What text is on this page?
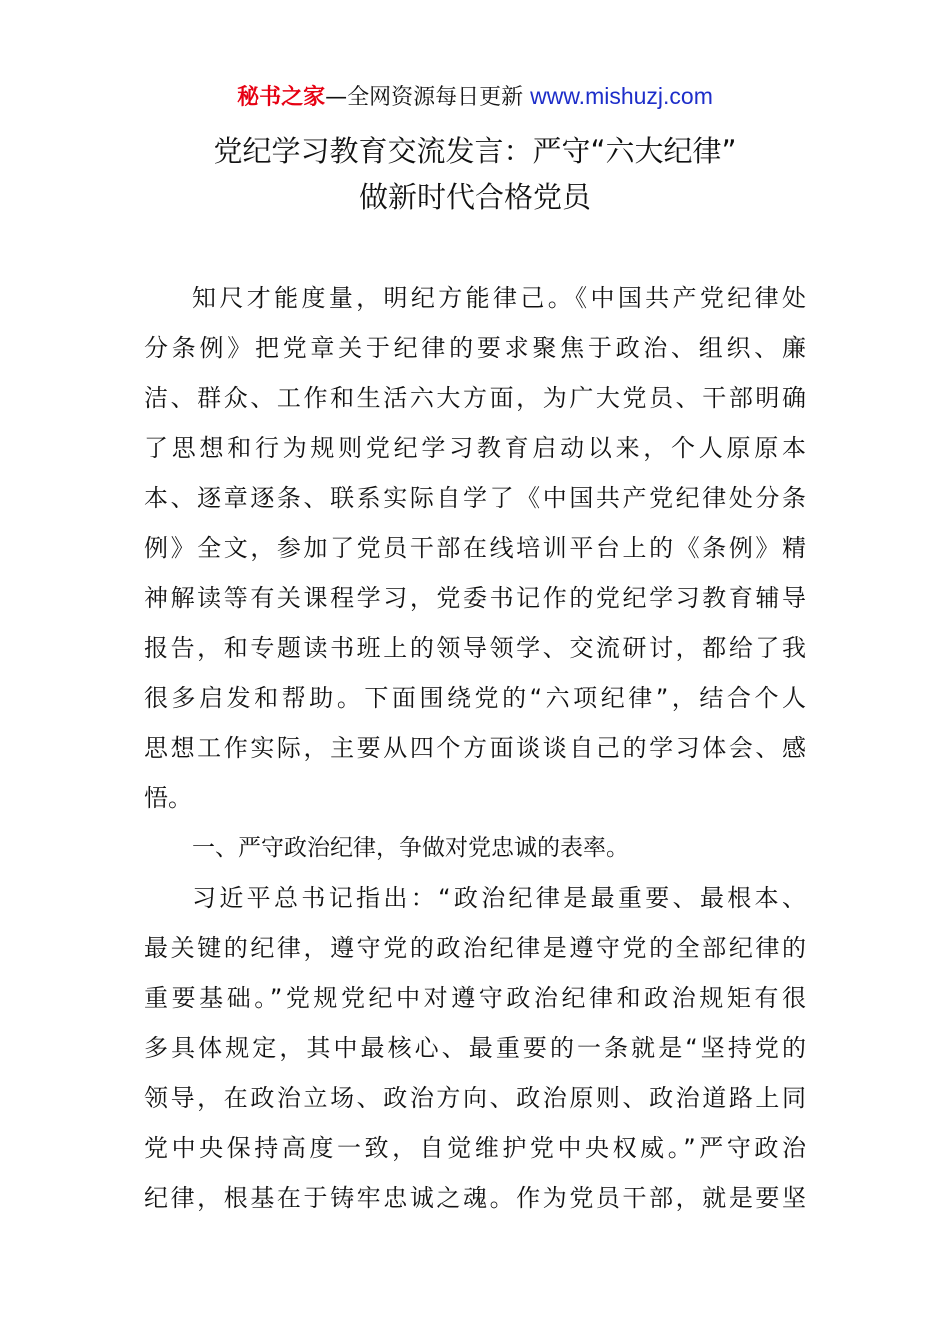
秘书之家—全网资源每日更新 www.mishuzj.com
党纪学习教育交流发言：严守“六大纪律”
做新时代合格党员
知尺才能度量，明纪方能律己。《中国共产党纪律处
分条例》把党章关于纪律的要求聚焦于政治、组织、廉
洁、群众、工作和生活六大方面，为广大党员、干部明确
了思想和行为规则党纪学习教育启动以来，个人原原本
本、逐章逐条、联系实际自学了《中国共产党纪律处分条
例》全文，参加了党员干部在线培训平台上的《条例》精
神解读等有关课程学习，党委书记作的党纪学习教育辅导
报告，和专题读书班上的领导领学、交流研讨，都给了我
很多启发和帮助。下面围绕党的“六项纪律”，结合个人
思想工作实际，主要从四个方面谈谈自己的学习体会、感
悟。
一、严守政治纪律，争做对党忠诚的表率。
习近平总书记指出：“政治纪律是最重要、最根本、
最关键的纪律，遵守党的政治纪律是遵守党的全部纪律的
重要基础。”党规党纪中对遵守政治纪律和政治规矩有很
多具体规定，其中最核心、最重要的一条就是“坚持党的
领导，在政治立场、政治方向、政治原则、政治道路上同
党中央保持高度一致，自觉维护党中央权威。”严守政治
纪律，根基在于铸牢忠诚之魂。作为党员干部，就是要坚
